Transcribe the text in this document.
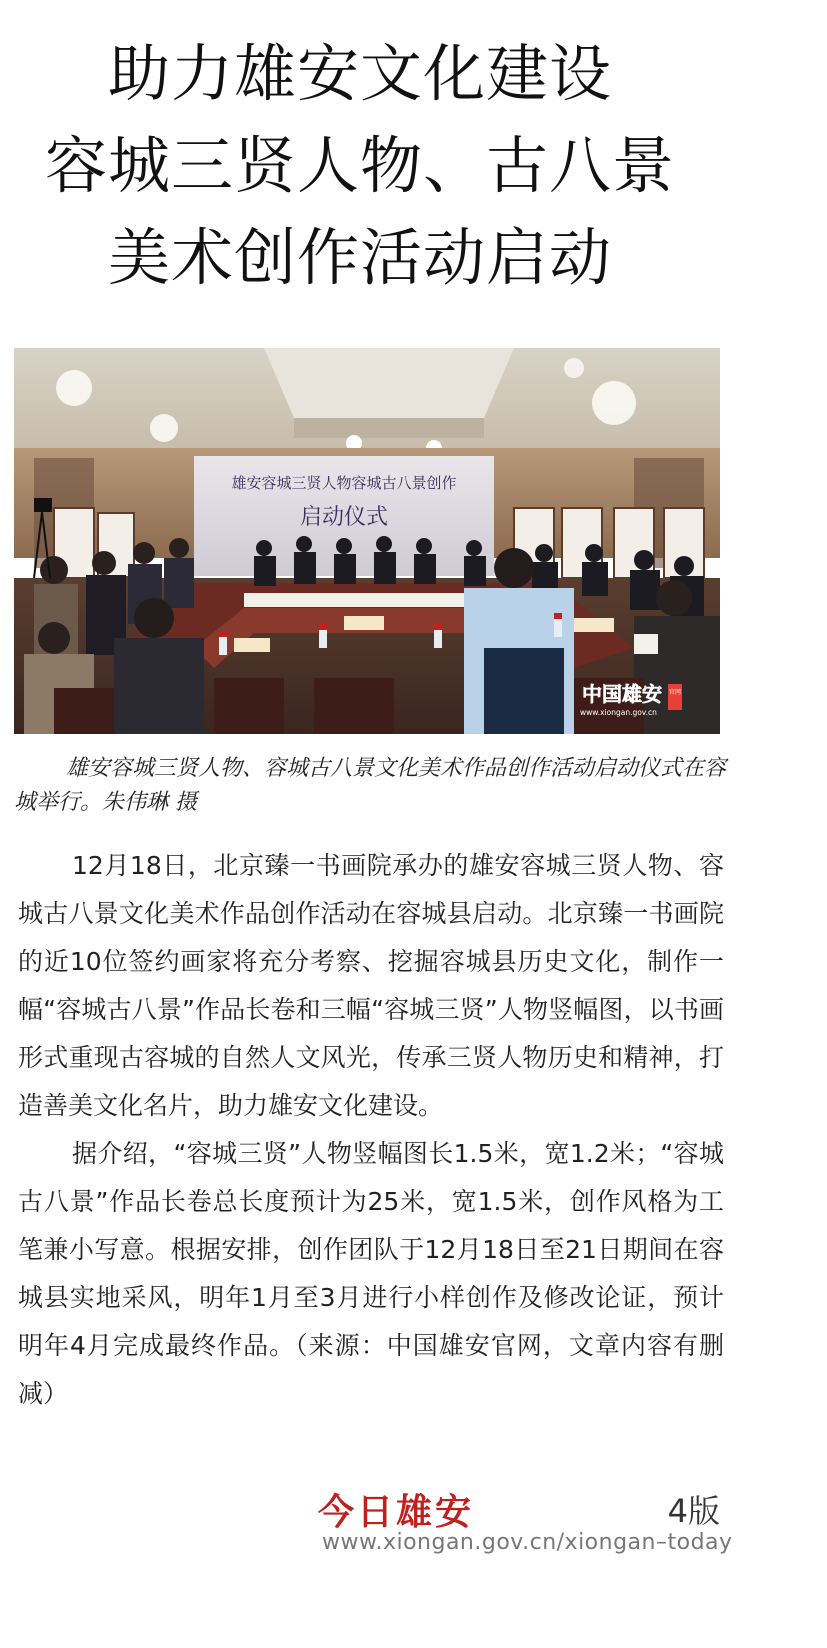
助力雄安文化建设
容城三贤人物、古八景
美术创作活动启动
雄安容城三贤人物容城古八景创作
启动仪式
中国雄安 官网
www.xiongan.gov.cn

雄安容城三贤人物、容城古八景文化美术作品创作活动启动仪式在容城举行。朱伟琳 摄

12月18日，北京臻一书画院承办的雄安容城三贤人物、容城古八景文化美术作品创作活动在容城县启动。北京臻一书画院的近10位签约画家将充分考察、挖掘容城县历史文化，制作一幅“容城古八景”作品长卷和三幅“容城三贤”人物竖幅图，以书画形式重现古容城的自然人文风光，传承三贤人物历史和精神，打造善美文化名片，助力雄安文化建设。

据介绍，“容城三贤”人物竖幅图长1.5米，宽1.2米；“容城古八景”作品长卷总长度预计为25米，宽1.5米，创作风格为工笔兼小写意。根据安排，创作团队于12月18日至21日期间在容城县实地采风，明年1月至3月进行小样创作及修改论证，预计明年4月完成最终作品。（来源：中国雄安官网，文章内容有删减）

今日雄安	4版
www.xiongan.gov.cn/xiongan–today
